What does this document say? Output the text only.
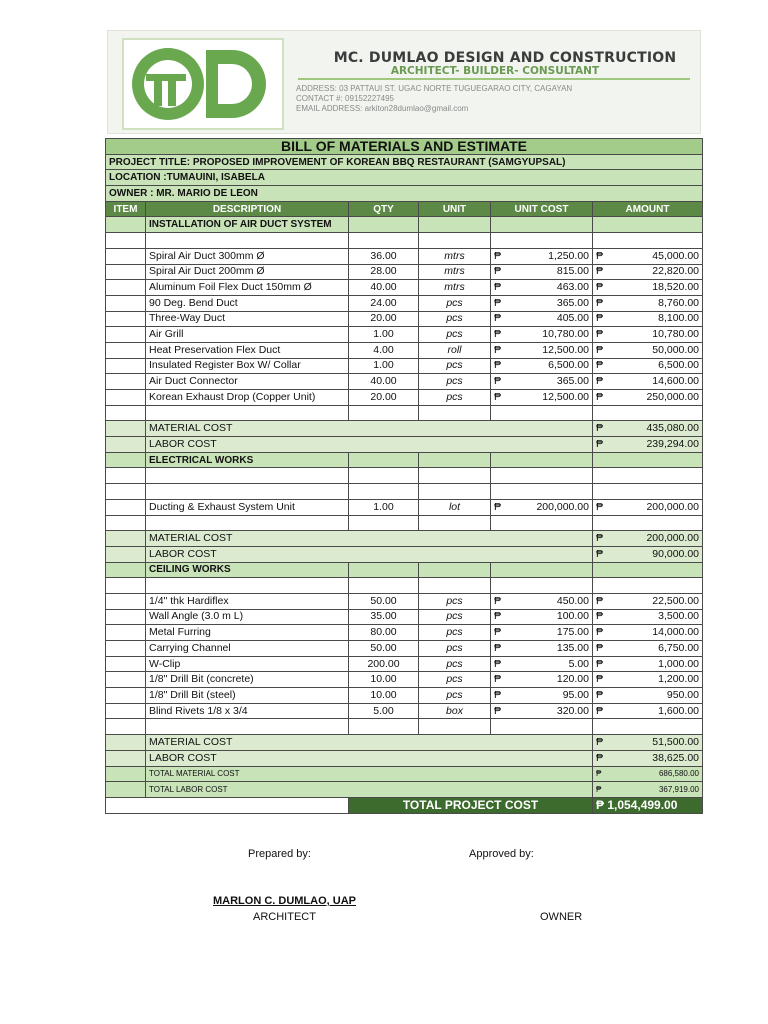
MC. DUMLAO DESIGN AND CONSTRUCTION
ARCHITECT- BUILDER- CONSULTANT
ADDRESS: 03 PATTAUI ST. UGAC NORTE TUGUEGARAO CITY, CAGAYAN
CONTACT #: 09152227495
EMAIL ADDRESS: arkiton28dumlao@gmail.com
BILL OF MATERIALS AND ESTIMATE					
PROJECT TITLE: PROPOSED IMPROVEMENT OF KOREAN BBQ RESTAURANT (SAMGYUPSAL)					
LOCATION :TUMAUINI, ISABELA					
OWNER : MR. MARIO DE LEON					
ITEM	DESCRIPTION	QTY	UNIT	UNIT COST	AMOUNT
	INSTALLATION OF AIR DUCT SYSTEM				

	Spiral Air Duct 300mm Ø	36.00	mtrs	₱ 1,250.00	₱ 45,000.00

	Spiral Air Duct 200mm Ø	28.00	mtrs	₱ 815.00	₱ 22,820.00

	Aluminum Foil Flex Duct 150mm Ø	40.00	mtrs	₱ 463.00	₱ 18,520.00

	90 Deg. Bend Duct	24.00	pcs	₱ 365.00	₱ 8,760.00

	Three-Way Duct	20.00	pcs	₱ 405.00	₱ 8,100.00

	Air Grill	1.00	pcs	₱ 10,780.00	₱ 10,780.00

	Heat Preservation Flex Duct	4.00	roll	₱ 12,500.00	₱ 50,000.00

	Insulated Register Box W/ Collar	1.00	pcs	₱ 6,500.00	₱ 6,500.00

	Air Duct Connector	40.00	pcs	₱ 365.00	₱ 14,600.00

	Korean Exhaust Drop (Copper Unit)	20.00	pcs	₱ 12,500.00	₱ 250,000.00

	MATERIAL COST				₱ 435,080.00

	LABOR COST				₱ 239,294.00

	ELECTRICAL WORKS				

	Ducting & Exhaust System Unit	1.00	lot	₱ 200,000.00	₱ 200,000.00

	MATERIAL COST				₱ 200,000.00

	LABOR COST				₱ 90,000.00

	CEILING WORKS				

	1/4" thk Hardiflex	50.00	pcs	₱ 450.00	₱ 22,500.00

	Wall Angle (3.0 m L)	35.00	pcs	₱ 100.00	₱ 3,500.00

	Metal Furring	80.00	pcs	₱ 175.00	₱ 14,000.00

	Carrying Channel	50.00	pcs	₱ 135.00	₱ 6,750.00

	W-Clip	200.00	pcs	₱ 5.00	₱ 1,000.00

	1/8" Drill Bit (concrete)	10.00	pcs	₱ 120.00	₱ 1,200.00

	1/8" Drill Bit (steel)	10.00	pcs	₱ 95.00	₱ 950.00

	Blind Rivets 1/8 x 3/4	5.00	box	₱ 320.00	₱ 1,600.00

	MATERIAL COST				₱ 51,500.00

	LABOR COST				₱ 38,625.00

	TOTAL MATERIAL COST				₱ 686,580.00

	TOTAL LABOR COST				₱ 367,919.00

		TOTAL PROJECT COST			₱ 1,054,499.00
Prepared by:	Approved by:
MARLON C. DUMLAO, UAP
ARCHITECT	OWNER
